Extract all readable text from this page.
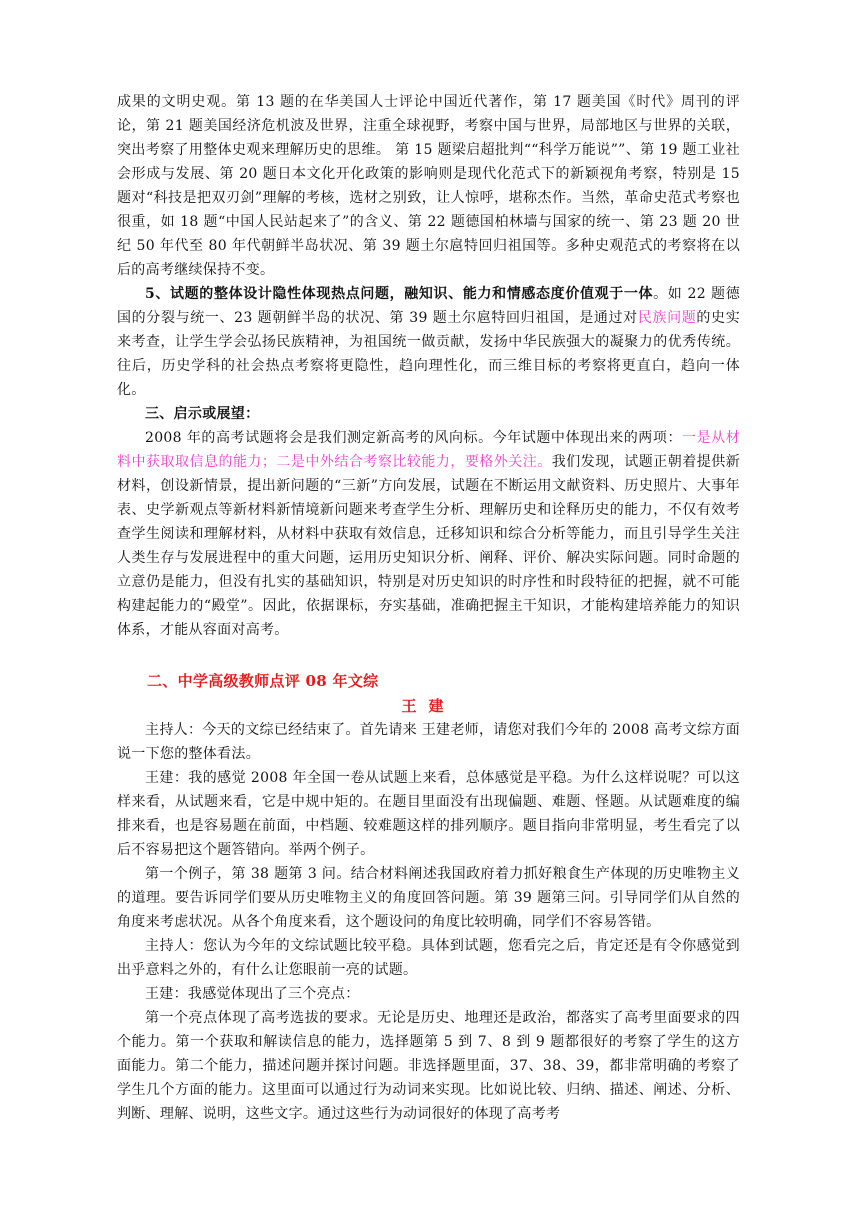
成果的文明史观。第 13 题的在华美国人士评论中国近代著作，第 17 题美国《时代》周刊的评论，第 21 题美国经济危机波及世界，注重全球视野，考察中国与世界，局部地区与世界的关联，突出考察了用整体史观来理解历史的思维。 第 15 题梁启超批判““科学万能说””、第 19 题工业社会形成与发展、第 20 题日本文化开化政策的影响则是现代化范式下的新颖视角考察，特别是 15 题对“科技是把双刃剑”理解的考核，选材之别致，让人惊呼，堪称杰作。当然，革命史范式考察也很重，如 18 题“中国人民站起来了”的含义、第 22 题德国柏林墙与国家的统一、第 23 题 20 世纪 50 年代至 80 年代朝鲜半岛状况、第 39 题土尔扈特回归祖国等。多种史观范式的考察将在以后的高考继续保持不变。

5、试题的整体设计隐性体现热点问题，融知识、能力和情感态度价值观于一体。如 22 题德国的分裂与统一、23 题朝鲜半岛的状况、第 39 题土尔扈特回归祖国，是通过对民族问题的史实来考查，让学生学会弘扬民族精神，为祖国统一做贡献，发扬中华民族强大的凝聚力的优秀传统。往后，历史学科的社会热点考察将更隐性，趋向理性化，而三维目标的考察将更直白，趋向一体化。

三、启示或展望：

2008 年的高考试题将会是我们测定新高考的风向标。今年试题中体现出来的两项：一是从材料中获取取信息的能力；二是中外结合考察比较能力，要格外关注。我们发现，试题正朝着提供新材料，创设新情景，提出新问题的“三新”方向发展，试题在不断运用文献资料、历史照片、大事年表、史学新观点等新材料新情境新问题来考查学生分析、理解历史和诠释历史的能力，不仅有效考查学生阅读和理解材料，从材料中获取有效信息，迁移知识和综合分析等能力，而且引导学生关注人类生存与发展进程中的重大问题，运用历史知识分析、阐释、评价、解决实际问题。同时命题的立意仍是能力，但没有扎实的基础知识，特别是对历史知识的时序性和时段特征的把握，就不可能构建起能力的“殿堂”。因此，依据课标，夯实基础，准确把握主干知识，才能构建培养能力的知识体系，才能从容面对高考。

二、中学高级教师点评 08 年文综

王建

主持人：今天的文综已经结束了。首先请来 王建老师，请您对我们今年的 2008 高考文综方面说一下您的整体看法。

王建：我的感觉 2008 年全国一卷从试题上来看，总体感觉是平稳。为什么这样说呢？可以这样来看，从试题来看，它是中规中矩的。在题目里面没有出现偏题、难题、怪题。从试题难度的编排来看，也是容易题在前面，中档题、较难题这样的排列顺序。题目指向非常明显，考生看完了以后不容易把这个题答错向。举两个例子。

第一个例子，第 38 题第 3 问。结合材料阐述我国政府着力抓好粮食生产体现的历史唯物主义的道理。要告诉同学们要从历史唯物主义的角度回答问题。第 39 题第三问。引导同学们从自然的角度来考虑状况。从各个角度来看，这个题设问的角度比较明确，同学们不容易答错。

主持人：您认为今年的文综试题比较平稳。具体到试题，您看完之后，肯定还是有令你感觉到出乎意料之外的，有什么让您眼前一亮的试题。

王建：我感觉体现出了三个亮点：

第一个亮点体现了高考选拔的要求。无论是历史、地理还是政治，都落实了高考里面要求的四个能力。第一个获取和解读信息的能力，选择题第 5 到 7、8 到 9 题都很好的考察了学生的这方面能力。第二个能力，描述问题并探讨问题。非选择题里面，37、38、39，都非常明确的考察了学生几个方面的能力。这里面可以通过行为动词来实现。比如说比较、归纳、描述、阐述、分析、判断、理解、说明，这些文字。通过这些行为动词很好的体现了高考考
